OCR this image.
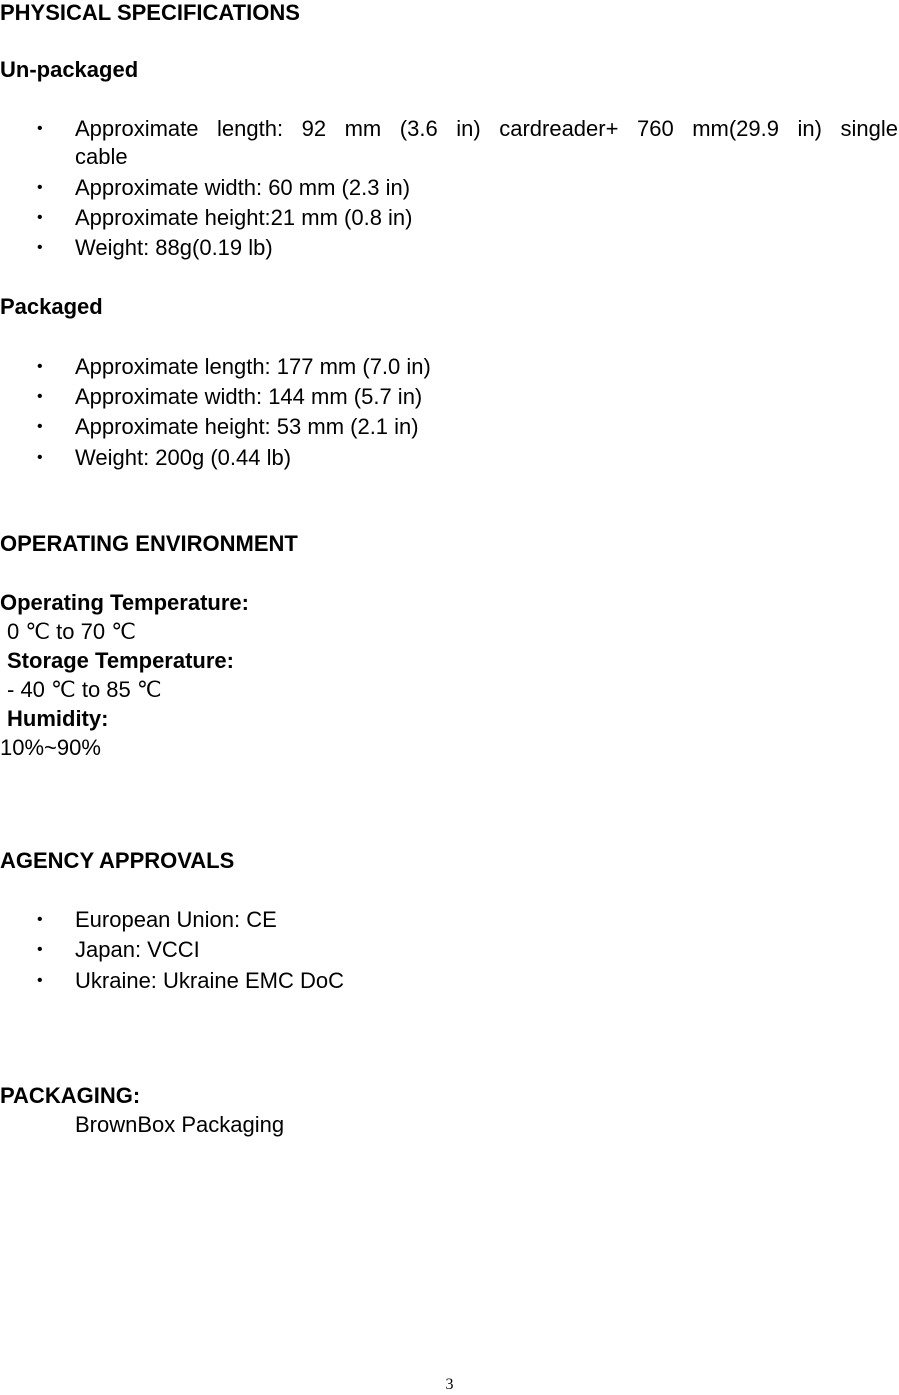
PHYSICAL SPECIFICATIONS
Un-packaged
• Approximate length: 92 mm (3.6 in) cardreader+ 760 mm(29.9 in) single
cable
• Approximate width: 60 mm (2.3 in)
• Approximate height:21 mm (0.8 in)
• Weight: 88g(0.19 lb)
Packaged
• Approximate length: 177 mm (7.0 in)
• Approximate width: 144 mm (5.7 in)
• Approximate height: 53 mm (2.1 in)
• Weight: 200g (0.44 lb)
OPERATING ENVIRONMENT
Operating Temperature:
0 ℃ to 70 ℃
Storage Temperature:
- 40 ℃ to 85 ℃
Humidity:
10%~90%
AGENCY APPROVALS
• European Union: CE
• Japan: VCCI
• Ukraine: Ukraine EMC DoC
PACKAGING:
BrownBox Packaging
3
